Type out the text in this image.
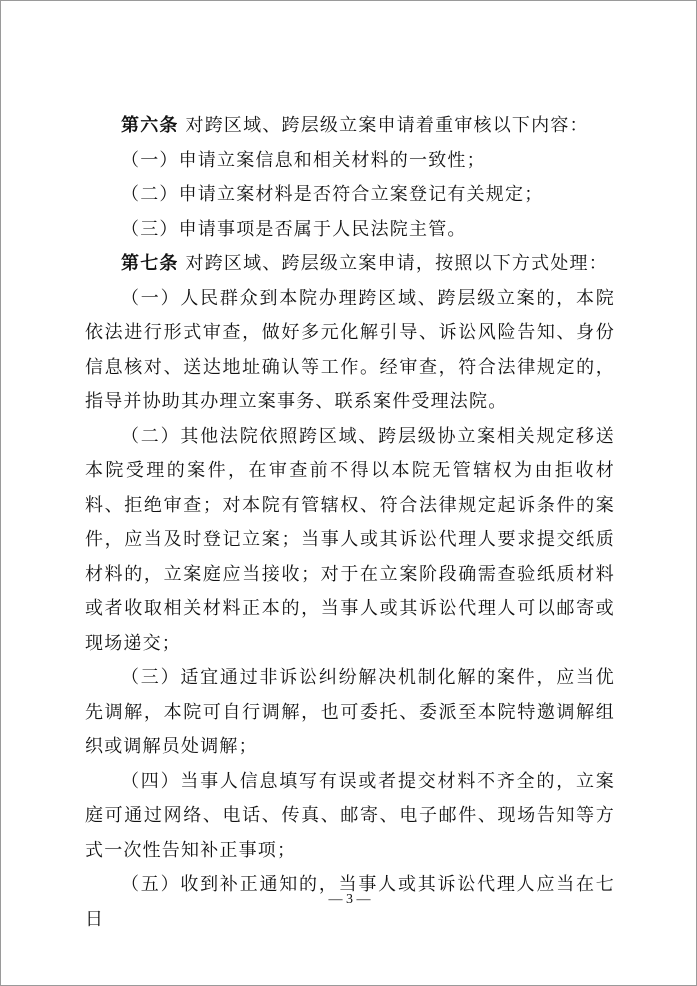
第六条 对跨区域、跨层级立案申请着重审核以下内容：

（一）申请立案信息和相关材料的一致性；

（二）申请立案材料是否符合立案登记有关规定；

（三）申请事项是否属于人民法院主管。

第七条 对跨区域、跨层级立案申请，按照以下方式处理：

（一）人民群众到本院办理跨区域、跨层级立案的，本院依法进行形式审查，做好多元化解引导、诉讼风险告知、身份信息核对、送达地址确认等工作。经审查，符合法律规定的，指导并协助其办理立案事务、联系案件受理法院。

（二）其他法院依照跨区域、跨层级协立案相关规定移送本院受理的案件，在审查前不得以本院无管辖权为由拒收材料、拒绝审查；对本院有管辖权、符合法律规定起诉条件的案件，应当及时登记立案；当事人或其诉讼代理人要求提交纸质材料的，立案庭应当接收；对于在立案阶段确需查验纸质材料或者收取相关材料正本的，当事人或其诉讼代理人可以邮寄或现场递交；

（三）适宜通过非诉讼纠纷解决机制化解的案件，应当优先调解，本院可自行调解，也可委托、委派至本院特邀调解组织或调解员处调解；

（四）当事人信息填写有误或者提交材料不齐全的，立案庭可通过网络、电话、传真、邮寄、电子邮件、现场告知等方式一次性告知补正事项；

（五）收到补正通知的，当事人或其诉讼代理人应当在七日

— 3 —
